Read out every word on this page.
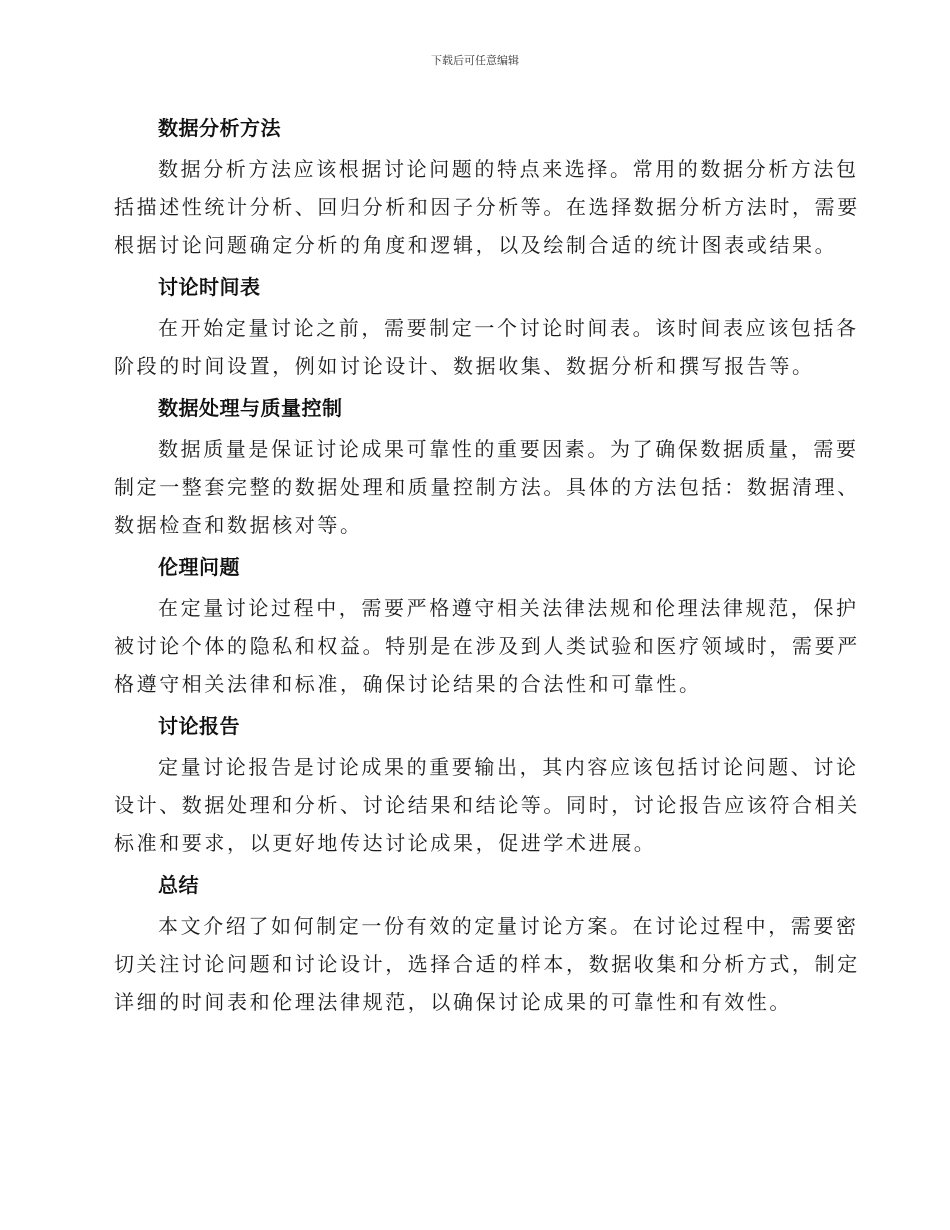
下载后可任意编辑
数据分析方法
数据分析方法应该根据讨论问题的特点来选择。常用的数据分析方法包
括描述性统计分析、回归分析和因子分析等。在选择数据分析方法时，需要
根据讨论问题确定分析的角度和逻辑，以及绘制合适的统计图表或结果。
讨论时间表
在开始定量讨论之前，需要制定一个讨论时间表。该时间表应该包括各
阶段的时间设置，例如讨论设计、数据收集、数据分析和撰写报告等。
数据处理与质量控制
数据质量是保证讨论成果可靠性的重要因素。为了确保数据质量，需要
制定一整套完整的数据处理和质量控制方法。具体的方法包括：数据清理、
数据检查和数据核对等。
伦理问题
在定量讨论过程中，需要严格遵守相关法律法规和伦理法律规范，保护
被讨论个体的隐私和权益。特别是在涉及到人类试验和医疗领域时，需要严
格遵守相关法律和标准，确保讨论结果的合法性和可靠性。
讨论报告
定量讨论报告是讨论成果的重要输出，其内容应该包括讨论问题、讨论
设计、数据处理和分析、讨论结果和结论等。同时，讨论报告应该符合相关
标准和要求，以更好地传达讨论成果，促进学术进展。
总结
本文介绍了如何制定一份有效的定量讨论方案。在讨论过程中，需要密
切关注讨论问题和讨论设计，选择合适的样本，数据收集和分析方式，制定
详细的时间表和伦理法律规范，以确保讨论成果的可靠性和有效性。
